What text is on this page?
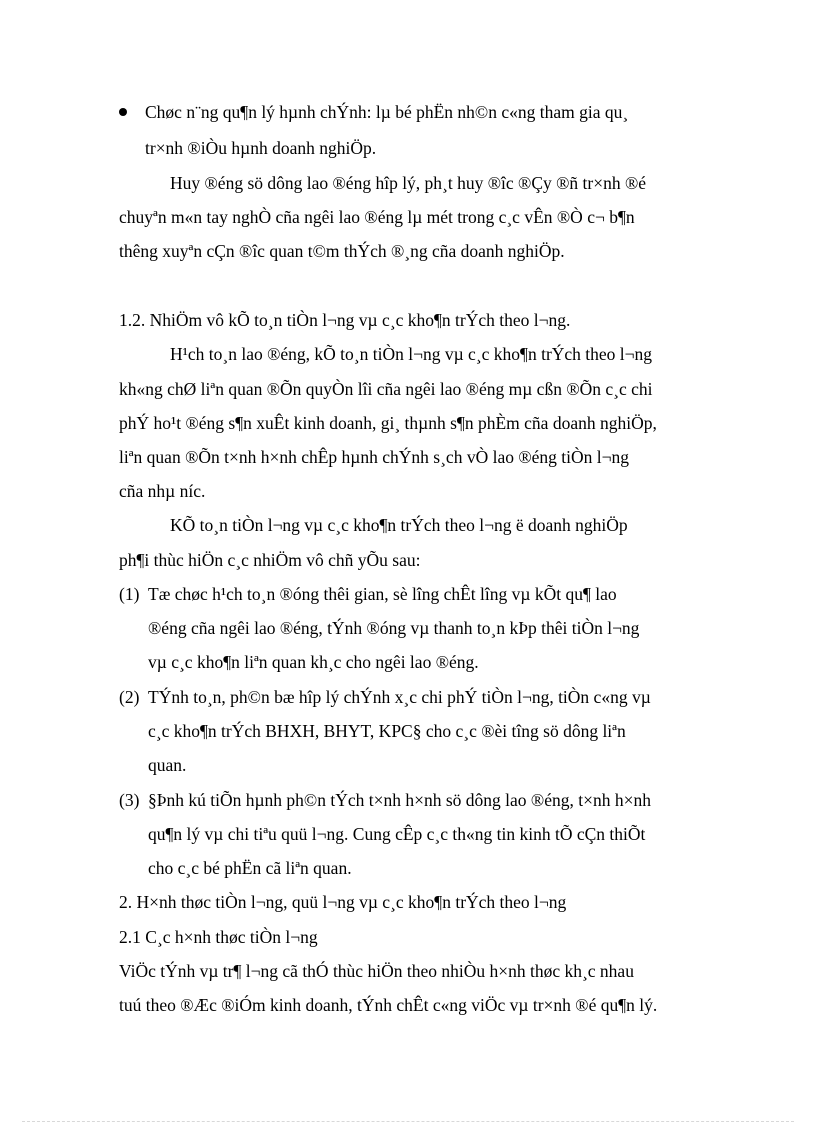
Chøc n¨ng qu¶n lý hµnh chÝnh: lµ bé phËn nh©n c«ng tham gia qu¸
tr×nh ®iÒu hµnh doanh nghiÖp.
Huy ®éng sö dông lao ®éng hîp lý, ph¸t huy ®îc ®Çy ®ñ tr×nh ®é
chuyªn m«n tay nghÒ cña ngêi lao ®éng lµ mét trong c¸c vÊn ®Ò c¬ b¶n
thêng xuyªn cÇn ®îc quan t©m thÝch ®¸ng cña doanh nghiÖp.
1.2. NhiÖm vô kÕ to¸n tiÒn l¬ng vµ c¸c kho¶n trÝch theo l¬ng.
H¹ch to¸n lao ®éng, kÕ to¸n tiÒn l¬ng vµ c¸c kho¶n trÝch theo l¬ng
kh«ng chØ liªn quan ®Õn quyÒn lîi cña ngêi lao ®éng mµ cßn ®Õn c¸c chi
phÝ ho¹t ®éng s¶n xuÊt kinh doanh, gi¸ thµnh s¶n phÈm cña doanh nghiÖp,
liªn quan ®Õn t×nh h×nh chÊp hµnh chÝnh s¸ch vÒ lao ®éng tiÒn l¬ng
cña nhµ níc.
KÕ to¸n tiÒn l¬ng vµ c¸c kho¶n trÝch theo l¬ng ë doanh nghiÖp
ph¶i thùc hiÖn c¸c nhiÖm vô chñ yÕu sau:
(1) Tæ chøc h¹ch to¸n ®óng thêi gian, sè lîng chÊt lîng vµ kÕt qu¶ lao
®éng cña ngêi lao ®éng, tÝnh ®óng vµ thanh to¸n kÞp thêi tiÒn l¬ng
vµ c¸c kho¶n liªn quan kh¸c cho ngêi lao ®éng.
(2) TÝnh to¸n, ph©n bæ hîp lý chÝnh x¸c chi phÝ tiÒn l¬ng, tiÒn c«ng vµ
c¸c kho¶n trÝch BHXH, BHYT, KPC§ cho c¸c ®èi tîng sö dông liªn
quan.
(3) §Þnh kú tiÕn hµnh ph©n tÝch t×nh h×nh sö dông lao ®éng, t×nh h×nh
qu¶n lý vµ chi tiªu quü l¬ng. Cung cÊp c¸c th«ng tin kinh tÕ cÇn thiÕt
cho c¸c bé phËn cã liªn quan.
2. H×nh thøc tiÒn l¬ng, quü l¬ng vµ c¸c kho¶n trÝch theo l¬ng
2.1 C¸c h×nh thøc tiÒn l¬ng
ViÖc tÝnh vµ tr¶ l¬ng cã thÓ thùc hiÖn theo nhiÒu h×nh thøc kh¸c nhau
tuú theo ®Æc ®iÓm kinh doanh, tÝnh chÊt c«ng viÖc vµ tr×nh ®é qu¶n lý.
